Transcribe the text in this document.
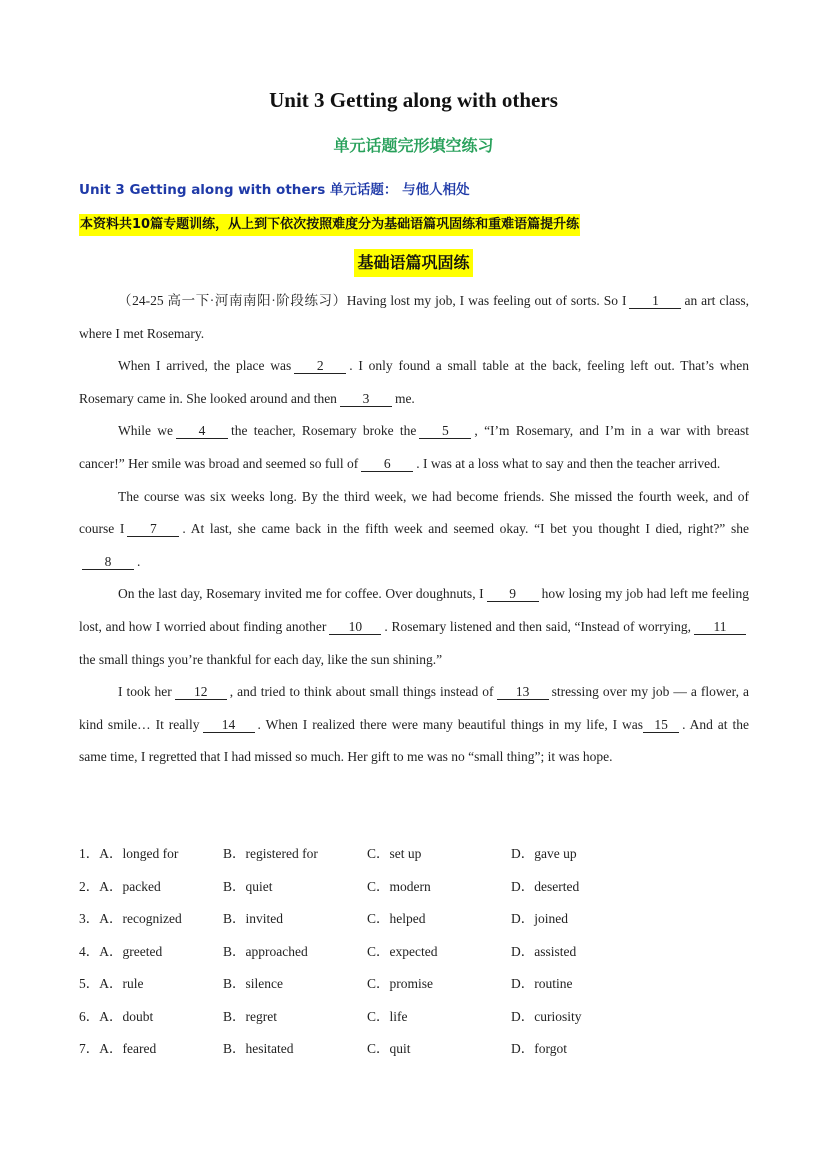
Unit 3 Getting along with others
单元话题完形填空练习
Unit 3 Getting along with others 单元话题： 与他人相处
本资料共10篇专题训练，从上到下依次按照难度分为基础语篇巩固练和重难语篇提升练
基础语篇巩固练

（24-25 高一下·河南南阳·阶段练习）Having lost my job, I was feeling out of sorts. So I 1 an art class, where I met Rosemary.

When I arrived, the place was 2 . I only found a small table at the back, feeling left out. That’s when Rosemary came in. She looked around and then 3 me.

While we 4 the teacher, Rosemary broke the 5 , “I’m Rosemary, and I’m in a war with breast cancer!” Her smile was broad and seemed so full of 6 . I was at a loss what to say and then the teacher arrived.

The course was six weeks long. By the third week, we had become friends. She missed the fourth week, and of course I 7 . At last, she came back in the fifth week and seemed okay. “I bet you thought I died, right?” she8 .

On the last day, Rosemary invited me for coffee. Over doughnuts, I 9 how losing my job had left me feeling lost, and how I worried about finding another 10 . Rosemary listened and then said, “Instead of worrying, 11the small things you’re thankful for each day, like the sun shining.”

I took her 12 , and tried to think about small things instead of 13 stressing over my job — a flower, a kind smile… It really 14 . When I realized there were many beautiful things in my life, I was 15 . And at the same time, I regretted that I had missed so much. Her gift to me was no “small thing”; it was hope.

1．A．longed for	B．registered for	C．set up	D．gave up
2．A．packed	B．quiet	C．modern	D．deserted
3．A．recognized	B．invited	C．helped	D．joined
4．A．greeted	B．approached	C．expected	D．assisted
5．A．rule	B．silence	C．promise	D．routine
6．A．doubt	B．regret	C．life	D．curiosity
7．A．feared	B．hesitated	C．quit	D．forgot
